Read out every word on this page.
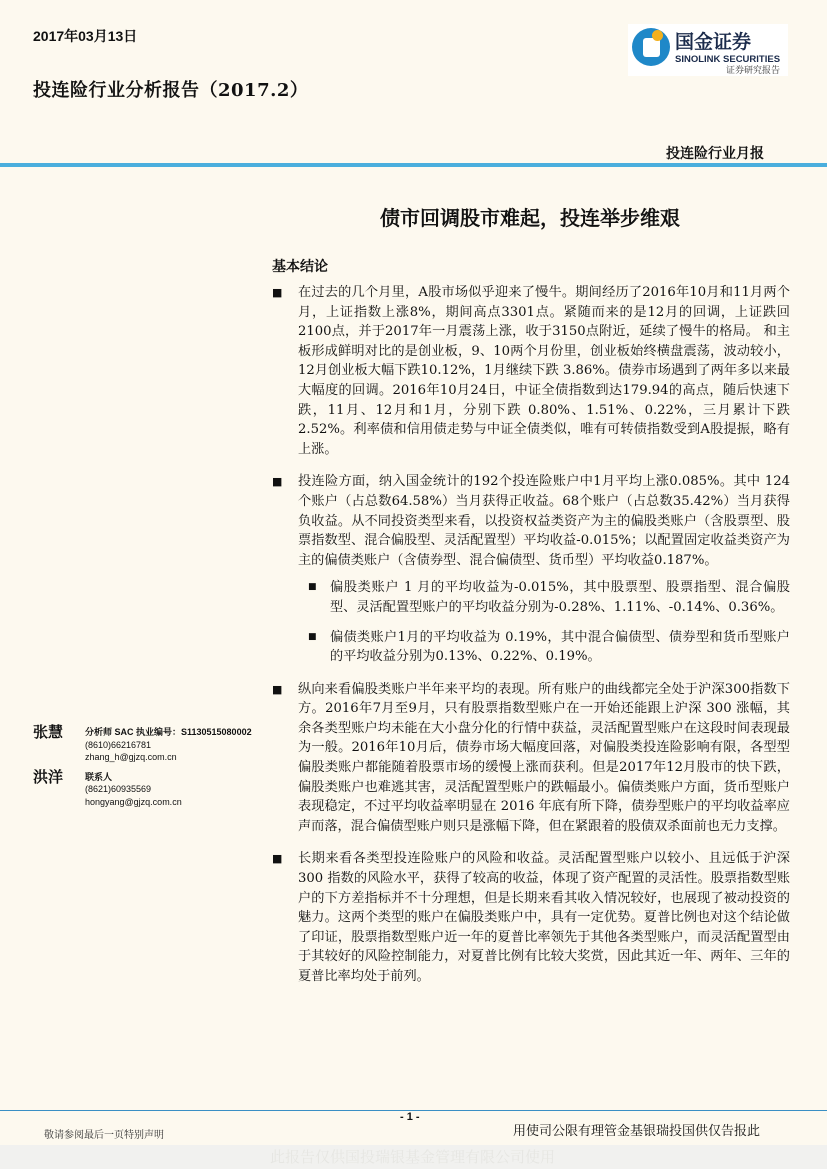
2017年03月13日
投连险行业分析报告（2017.2）
国金证券
SINOLINK SECURITIES
证券研究报告
投连险行业月报
债市回调股市难起，投连举步维艰
基本结论
■	在过去的几个月里，A股市场似乎迎来了慢牛。期间经历了2016年10月和11月两个月，上证指数上涨8%，期间高点3301点。紧随而来的是12月的回调，上证跌回2100点，并于2017年一月震荡上涨，收于3150点附近，延续了慢牛的格局。 和主板形成鲜明对比的是创业板，9、10两个月份里，创业板始终横盘震荡，波动较小，12月创业板大幅下跌10.12%，1月继续下跌 3.86%。债券市场遇到了两年多以来最大幅度的回调。2016年10月24日，中证全债指数到达179.94的高点，随后快速下跌，11月、12月和1月，分别下跌 0.80%、1.51%、0.22%，三月累计下跌 2.52%。利率债和信用债走势与中证全债类似，唯有可转债指数受到A股提振，略有上涨。
■	投连险方面，纳入国金统计的192个投连险账户中1月平均上涨0.085%。其中 124个账户（占总数64.58%）当月获得正收益。68个账户（占总数35.42%）当月获得负收益。从不同投资类型来看，以投资权益类资产为主的偏股类账户（含股票型、股票指数型、混合偏股型、灵活配置型）平均收益-0.015%；以配置固定收益类资产为主的偏债类账户（含债券型、混合偏债型、货币型）平均收益0.187%。
■	偏股类账户 1 月的平均收益为-0.015%，其中股票型、股票指型、混合偏股型、灵活配置型账户的平均收益分别为-0.28%、1.11%、-0.14%、0.36%。
■	偏债类账户1月的平均收益为 0.19%，其中混合偏债型、债券型和货币型账户的平均收益分别为0.13%、0.22%、0.19%。
■	纵向来看偏股类账户半年来平均的表现。所有账户的曲线都完全处于沪深300指数下方。2016年7月至9月，只有股票指数型账户在一开始还能跟上沪深 300 涨幅，其余各类型账户均未能在大小盘分化的行情中获益，灵活配置型账户在这段时间表现最为一般。2016年10月后，债券市场大幅度回落，对偏股类投连险影响有限，各型型偏股类账户都能随着股票市场的缓慢上涨而获利。但是2017年12月股市的快下跌，偏股类账户也难逃其害，灵活配置型账户的跌幅最小。偏债类账户方面，货币型账户表现稳定，不过平均收益率明显在 2016 年底有所下降，债券型账户的平均收益率应声而落，混合偏债型账户则只是涨幅下降，但在紧跟着的股债双杀面前也无力支撑。
■	长期来看各类型投连险账户的风险和收益。灵活配置型账户以较小、且远低于沪深 300 指数的风险水平，获得了较高的收益，体现了资产配置的灵活性。股票指数型账户的下方差指标并不十分理想，但是长期来看其收入情况较好，也展现了被动投资的魅力。这两个类型的账户在偏股类账户中，具有一定优势。夏普比例也对这个结论做了印证，股票指数型账户近一年的夏普比率领先于其他各类型账户，而灵活配置型由于其较好的风险控制能力，对夏普比例有比较大奖赏，因此其近一年、两年、三年的夏普比率均处于前列。
张慧	分析师 SAC 执业编号：S1130515080002
(8610)66216781
zhang_h@gjzq.com.cn
洪洋	联系人
(8621)60935569
hongyang@gjzq.com.cn
- 1 -
敬请参阅最后一页特别声明	用使司公限有理管金基银瑞投国供仅告报此
此报告仅供国投瑞银基金管理有限公司使用
